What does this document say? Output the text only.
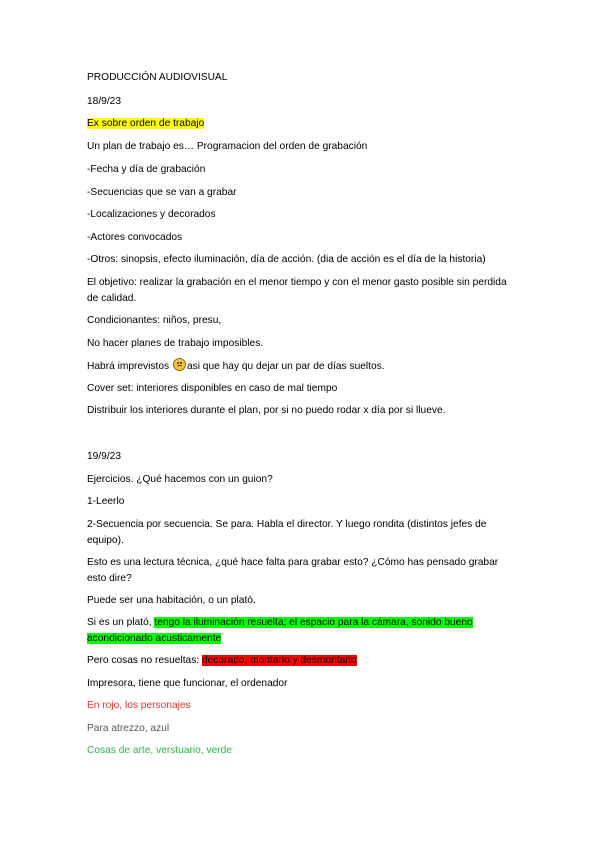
PRODUCCIÓN AUDIOVISUAL
18/9/23
Ex sobre orden de trabajo
Un plan de trabajo es… Programacion del orden de grabación
-Fecha y día de grabación
-Secuencias que se van a grabar
-Localizaciones y decorados
-Actores convocados
-Otros: sinopsis, efecto iluminación, día de acción. (dia de acción es el día de la historia)
El objetivo: realizar la grabación en el menor tiempo y con el menor gasto posible sin perdida de calidad.
Condicionantes: niños, presu,
No hacer planes de trabajo imposibles.
Habrá imprevistos asi que hay qu dejar un par de días sueltos.
Cover set: interiores disponibles en caso de mal tiempo
Distribuir los interiores durante el plan, por si no puedo rodar x día por si llueve.
19/9/23
Ejercicios. ¿Qué hacemos con un guion?
1-Leerlo
2-Secuencia por secuencia. Se para. Habla el director. Y luego rondita (distintos jefes de equipo).
Esto es una lectura técnica, ¿qué hace falta para grabar esto? ¿Cómo has pensado grabar esto dire?
Puede ser una habitación, o un plató.
Si es un plató, tengo la iluminación resuelta; el espacio para la cámara, sonido bueno acondicionado acusticamente
Pero cosas no resueltas: decorado, montarlo y desmontarlo
Impresora, tiene que funcionar, el ordenador
En rojo, los personajes
Para atrezzo, azul
Cosas de arte, verstuario, verde
